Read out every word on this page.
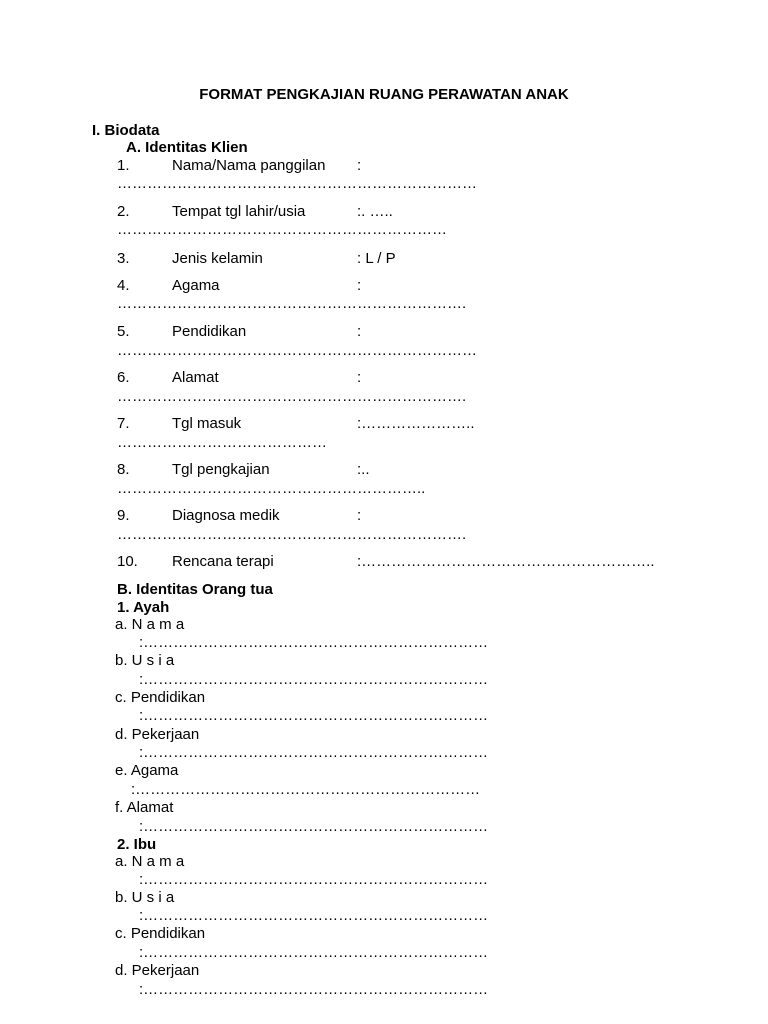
FORMAT PENGKAJIAN RUANG PERAWATAN ANAK
I. Biodata
A. Identitas Klien
1.	Nama/Nama panggilan :
………………………………………………………………
2.	Tempat tgl lahir/usia	:. …..
…………………………………………………………
3.	Jenis kelamin	: L / P
4.	Agama	:
…………………………………………………………….
5.	Pendidikan	:
………………………………………………………………
6.	Alamat	:
…………………………………………………………….
7.	Tgl masuk	:…………………..
……………………………………
8.	Tgl pengkajian	:..
……………………………………………………..
9.	Diagnosa medik	:
…………………………………………………………….
10. Rencana terapi	:…………………………………………………..
B. Identitas Orang tua
1. Ayah
a. N a m a
:……………………………………………………………
b. U s i a
:……………………………………………………………
c. Pendidikan
:……………………………………………………………
d. Pekerjaan
:……………………………………………………………
e. Agama
:……………………………………………………………
f. Alamat
:……………………………………………………………
2. Ibu
a. N a m a
:……………………………………………………………
b. U s i a
:……………………………………………………………
c. Pendidikan
:……………………………………………………………
d. Pekerjaan
:……………………………………………………………
